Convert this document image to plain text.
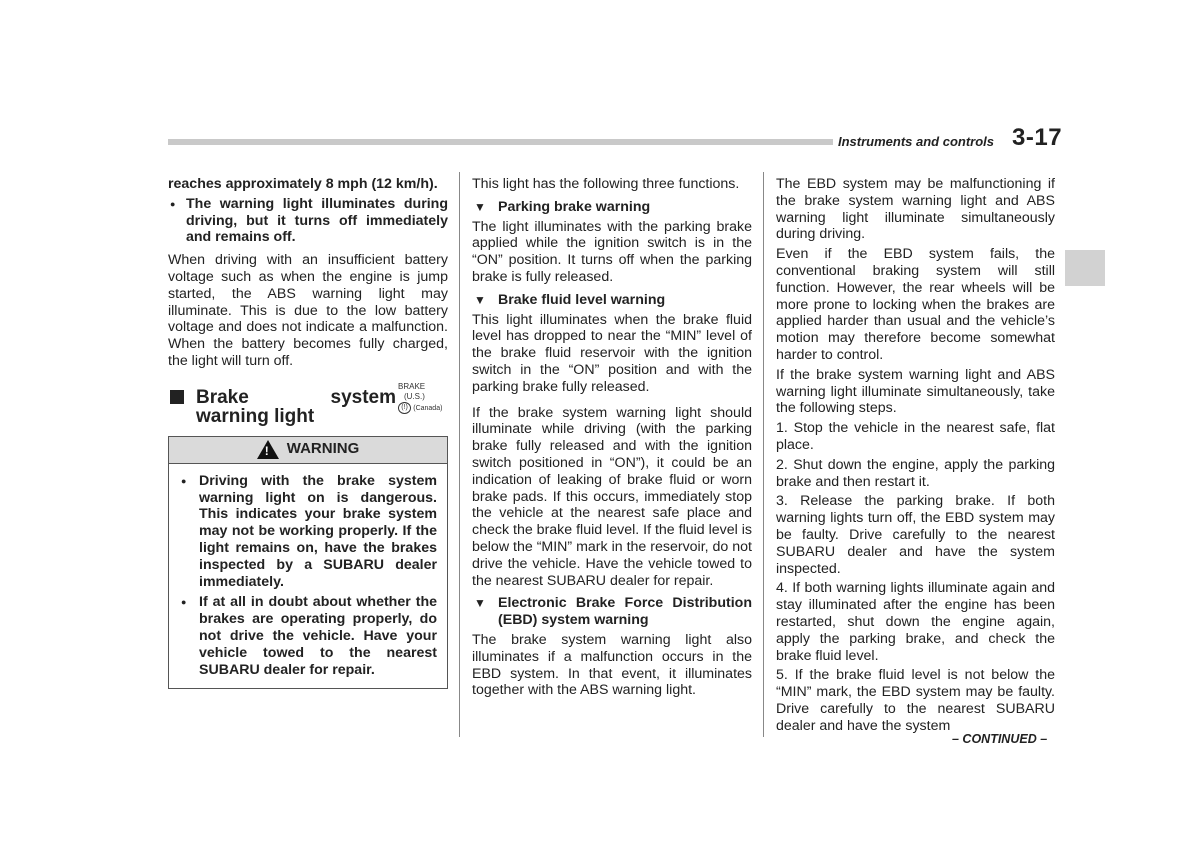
Instruments and controls 3-17

reaches approximately 8 mph (12 km/h).

● The warning light illuminates during driving, but it turns off immediately and remains off.

When driving with an insufficient battery voltage such as when the engine is jump started, the ABS warning light may illuminate. This is due to the low battery voltage and does not indicate a malfunction. When the battery becomes fully charged, the light will turn off.

Brake system warning light
BRAKE (U.S.)
(!) (Canada)
! WARNING

● Driving with the brake system warning light on is dangerous. This indicates your brake system may not be working properly. If the light remains on, have the brakes inspected by a SUBARU dealer immediately.

● If at all in doubt about whether the brakes are operating properly, do not drive the vehicle. Have your vehicle towed to the nearest SUBARU dealer for repair.

This light has the following three functions.

▼ Parking brake warning

The light illuminates with the parking brake applied while the ignition switch is in the “ON” position. It turns off when the parking brake is fully released.

▼ Brake fluid level warning

This light illuminates when the brake fluid level has dropped to near the “MIN” level of the brake fluid reservoir with the ignition switch in the “ON” position and with the parking brake fully released.

If the brake system warning light should illuminate while driving (with the parking brake fully released and with the ignition switch positioned in “ON”), it could be an indication of leaking of brake fluid or worn brake pads. If this occurs, immediately stop the vehicle at the nearest safe place and check the brake fluid level. If the fluid level is below the “MIN” mark in the reservoir, do not drive the vehicle. Have the vehicle towed to the nearest SUBARU dealer for repair.

▼ Electronic Brake Force Distribution (EBD) system warning

The brake system warning light also illuminates if a malfunction occurs in the EBD system. In that event, it illuminates together with the ABS warning light.

The EBD system may be malfunctioning if the brake system warning light and ABS warning light illuminate simultaneously during driving.

Even if the EBD system fails, the conventional braking system will still function. However, the rear wheels will be more prone to locking when the brakes are applied harder than usual and the vehicle’s motion may therefore become somewhat harder to control.

If the brake system warning light and ABS warning light illuminate simultaneously, take the following steps.

1. Stop the vehicle in the nearest safe, flat place.

2. Shut down the engine, apply the parking brake and then restart it.

3. Release the parking brake. If both warning lights turn off, the EBD system may be faulty. Drive carefully to the nearest SUBARU dealer and have the system inspected.

4. If both warning lights illuminate again and stay illuminated after the engine has been restarted, shut down the engine again, apply the parking brake, and check the brake fluid level.

5. If the brake fluid level is not below the “MIN” mark, the EBD system may be faulty. Drive carefully to the nearest SUBARU dealer and have the system

– CONTINUED –
